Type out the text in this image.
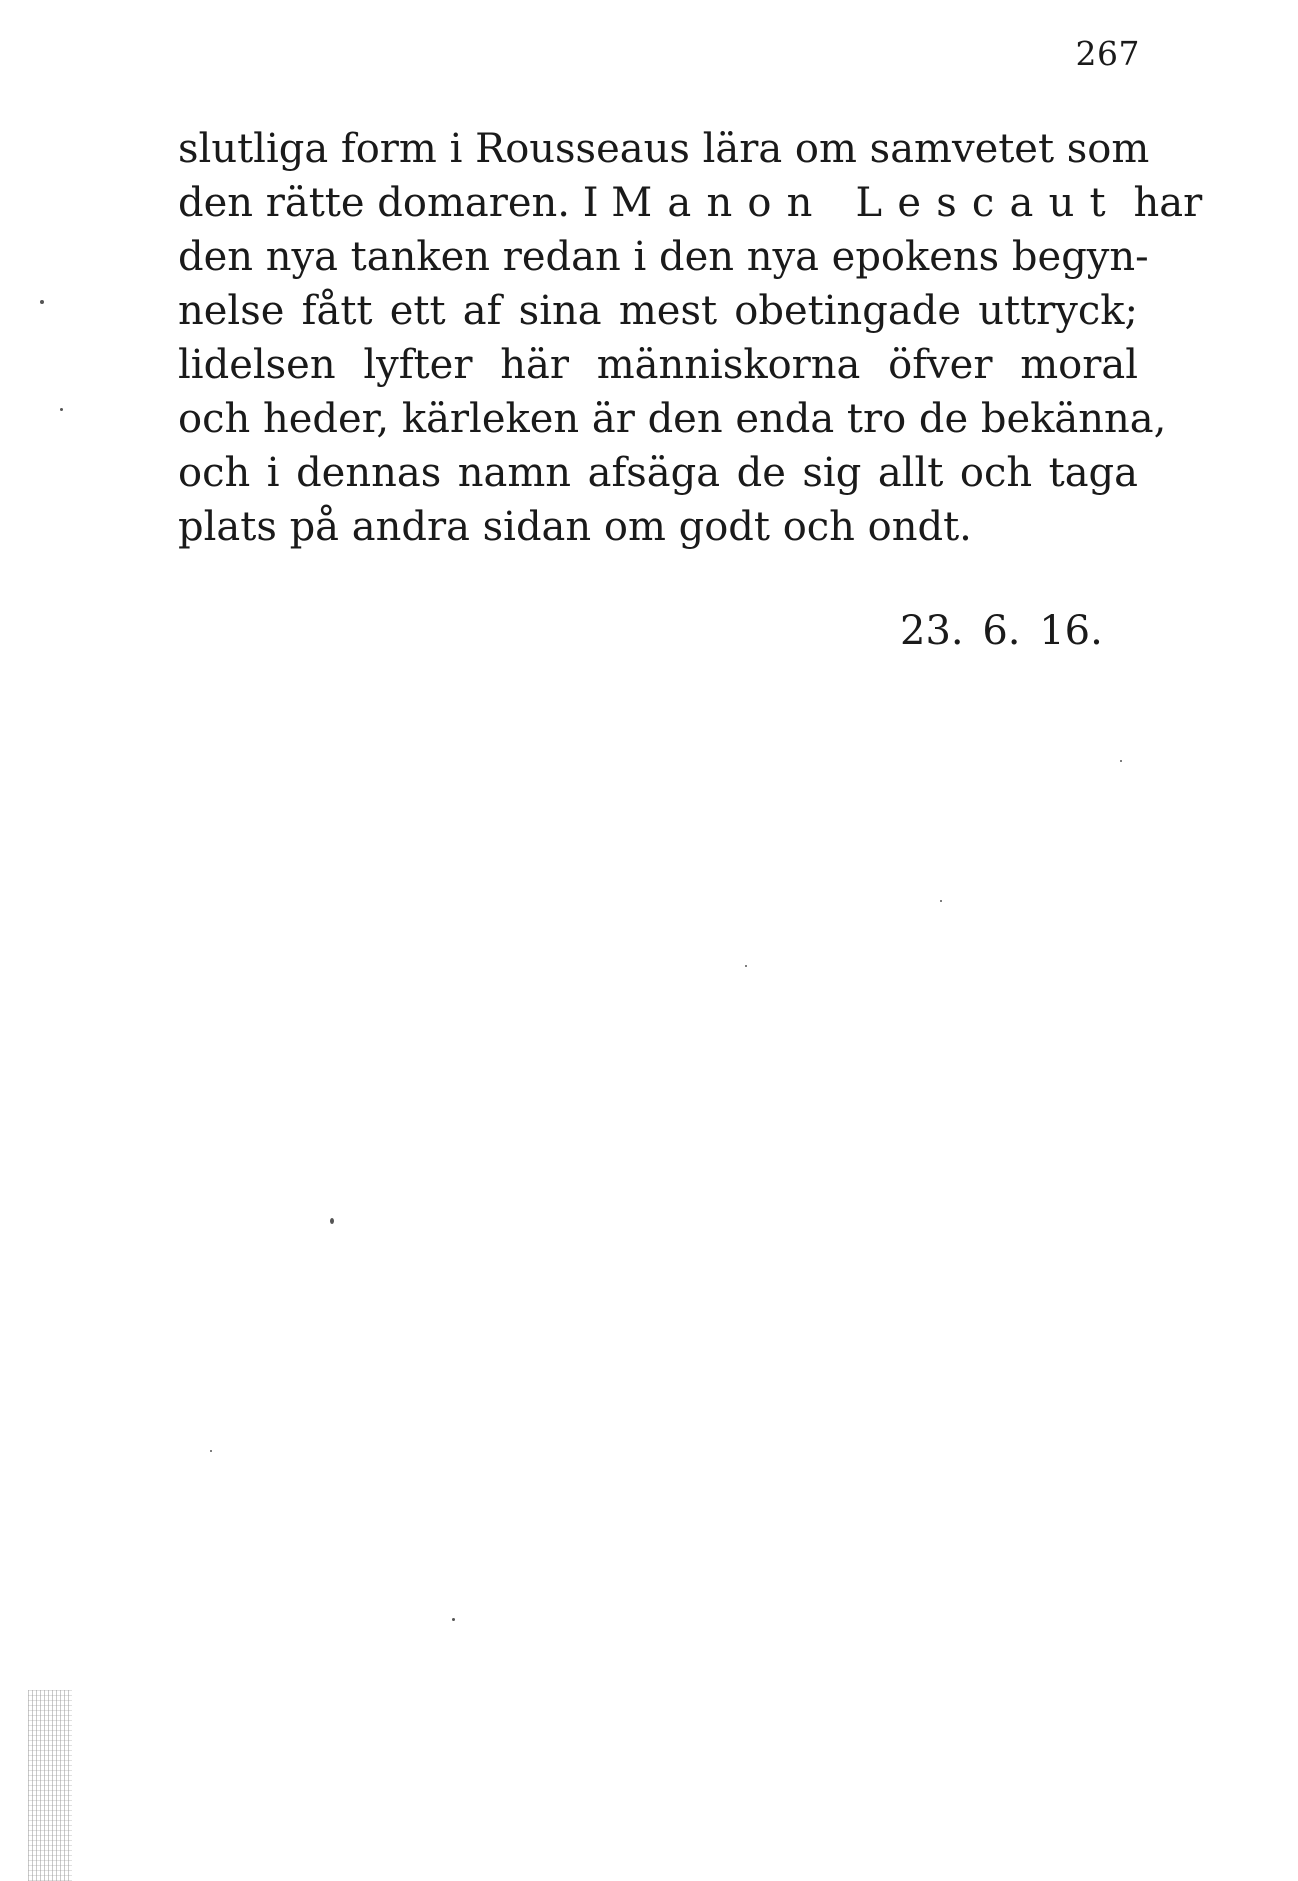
267
slutliga form i Rousseaus lära om samvetet som
den rätte domaren. I Manon Lescaut har
den nya tanken redan i den nya epokens begyn-
nelse fått ett af sina mest obetingade uttryck;
lidelsen lyfter här människorna öfver moral
och heder, kärleken är den enda tro de bekänna,
och i dennas namn afsäga de sig allt och taga
plats på andra sidan om godt och ondt.
23. 6. 16.
